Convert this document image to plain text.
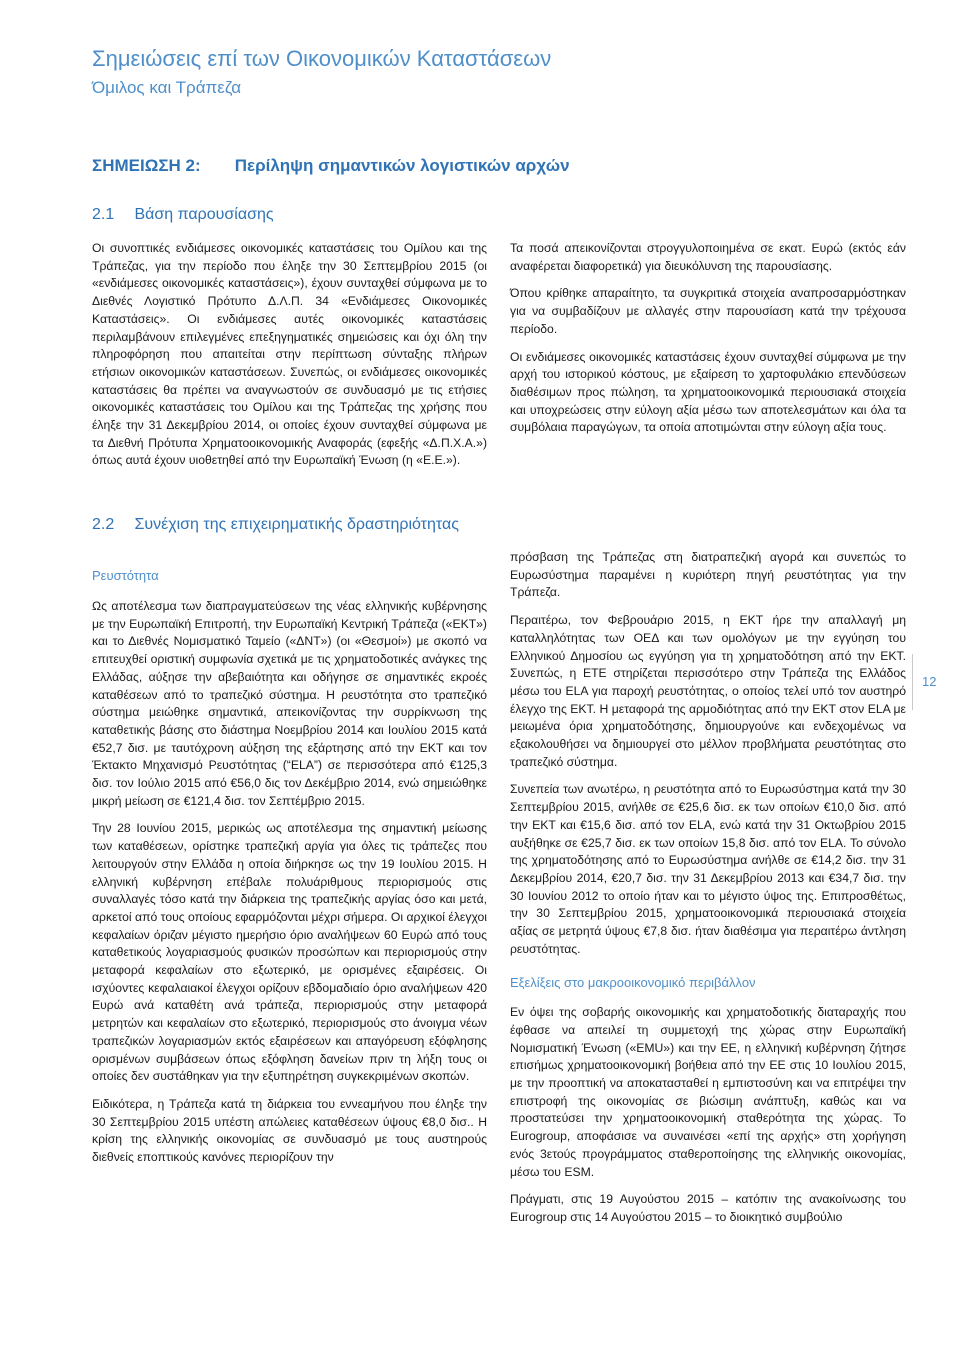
Σημειώσεις επί των Οικονομικών Καταστάσεων
Όμιλος και Τράπεζα
ΣΗΜΕΙΩΣΗ 2: Περίληψη σημαντικών λογιστικών αρχών
2.1 Βάση παρουσίασης

Οι συνοπτικές ενδιάμεσες οικονομικές καταστάσεις του Ομίλου και της Τράπεζας, για την περίοδο που έληξε την 30 Σεπτεμβρίου 2015 (οι «ενδιάμεσες οικονομικές καταστάσεις»), έχουν συνταχθεί σύμφωνα με το Διεθνές Λογιστικό Πρότυπο Δ.Λ.Π. 34 «Ενδιάμεσες Οικονομικές Καταστάσεις». Οι ενδιάμεσες αυτές οικονομικές καταστάσεις περιλαμβάνουν επιλεγμένες επεξηγηματικές σημειώσεις και όχι όλη την πληροφόρηση που απαιτείται στην περίπτωση σύνταξης πλήρων ετήσιων οικονομικών καταστάσεων. Συνεπώς, οι ενδιάμεσες οικονομικές καταστάσεις θα πρέπει να αναγνωστούν σε συνδυασμό με τις ετήσιες οικονομικές καταστάσεις του Ομίλου και της Τράπεζας της χρήσης που έληξε την 31 Δεκεμβρίου 2014, οι οποίες έχουν συνταχθεί σύμφωνα με τα Διεθνή Πρότυπα Χρηματοοικονομικής Αναφοράς (εφεξής «Δ.Π.Χ.Α.») όπως αυτά έχουν υιοθετηθεί από την Ευρωπαϊκή Ένωση (η «Ε.Ε.»).

Τα ποσά απεικονίζονται στρογγυλοποιημένα σε εκατ. Ευρώ (εκτός εάν αναφέρεται διαφορετικά) για διευκόλυνση της παρουσίασης.

Όπου κρίθηκε απαραίτητο, τα συγκριτικά στοιχεία αναπροσαρμόστηκαν για να συμβαδίζουν με αλλαγές στην παρουσίαση κατά την τρέχουσα περίοδο.

Οι ενδιάμεσες οικονομικές καταστάσεις έχουν συνταχθεί σύμφωνα με την αρχή του ιστορικού κόστους, με εξαίρεση το χαρτοφυλάκιο επενδύσεων διαθέσιμων προς πώληση, τα χρηματοοικονομικά περιουσιακά στοιχεία και υποχρεώσεις στην εύλογη αξία μέσω των αποτελεσμάτων και όλα τα συμβόλαια παραγώγων, τα οποία αποτιμώνται στην εύλογη αξία τους.

2.2 Συνέχιση της επιχειρηματικής δραστηριότητας
Ρευστότητα

Ως αποτέλεσμα των διαπραγματεύσεων της νέας ελληνικής κυβέρνησης με την Ευρωπαϊκή Επιτροπή, την Ευρωπαϊκή Κεντρική Τράπεζα («ΕΚΤ») και το Διεθνές Νομισματικό Ταμείο («ΔΝΤ») (οι «Θεσμοί») με σκοπό να επιτευχθεί οριστική συμφωνία σχετικά με τις χρηματοδοτικές ανάγκες της Ελλάδας, αύξησε την αβεβαιότητα και οδήγησε σε σημαντικές εκροές καταθέσεων από το τραπεζικό σύστημα. Η ρευστότητα στο τραπεζικό σύστημα μειώθηκε σημαντικά, απεικονίζοντας την συρρίκνωση της καταθετικής βάσης στο διάστημα Νοεμβρίου 2014 και Ιουλίου 2015 κατά €52,7 δισ. με ταυτόχρονη αύξηση της εξάρτησης από την ΕΚΤ και τον Έκτακτο Μηχανισμό Ρευστότητας (“ELA”) σε περισσότερα από €125,3 δισ. τον Ιούλιο 2015 από €56,0 δις τον Δεκέμβριο 2014, ενώ σημειώθηκε μικρή μείωση σε €121,4 δισ. τον Σεπτέμβριο 2015.

Την 28 Ιουνίου 2015, μερικώς ως αποτέλεσμα της σημαντική μείωσης των καταθέσεων, ορίστηκε τραπεζική αργία για όλες τις τράπεζες που λειτουργούν στην Ελλάδα η οποία διήρκησε ως την 19 Ιουλίου 2015. Η ελληνική κυβέρνηση επέβαλε πολυάριθμους περιορισμούς στις συναλλαγές τόσο κατά την διάρκεια της τραπεζικής αργίας όσο και μετά, αρκετοί από τους οποίους εφαρμόζονται μέχρι σήμερα. Οι αρχικοί έλεγχοι κεφαλαίων όριζαν μέγιστο ημερήσιο όριο αναλήψεων 60 Ευρώ από τους καταθετικούς λογαριασμούς φυσικών προσώπων και περιορισμούς στην μεταφορά κεφαλαίων στο εξωτερικό, με ορισμένες εξαιρέσεις. Οι ισχύοντες κεφαλαιακοί έλεγχοι ορίζουν εβδομαδιαίο όριο αναλήψεων 420 Ευρώ ανά καταθέτη ανά τράπεζα, περιορισμούς στην μεταφορά μετρητών και κεφαλαίων στο εξωτερικό, περιορισμούς στο άνοιγμα νέων τραπεζικών λογαριασμών εκτός εξαιρέσεων και απαγόρευση εξόφλησης ορισμένων συμβάσεων όπως εξόφληση δανείων πριν τη λήξη τους οι οποίες δεν συστάθηκαν για την εξυπηρέτηση συγκεκριμένων σκοπών.

Ειδικότερα, η Τράπεζα κατά τη διάρκεια του εννεαμήνου που έληξε την 30 Σεπτεμβρίου 2015 υπέστη απώλειες καταθέσεων ύψους €8,0 δισ.. Η κρίση της ελληνικής οικονομίας σε συνδυασμό με τους αυστηρούς διεθνείς εποπτικούς κανόνες περιορίζουν την

πρόσβαση της Τράπεζας στη διατραπεζική αγορά και συνεπώς το Ευρωσύστημα παραμένει η κυριότερη πηγή ρευστότητας για την Τράπεζα.

Περαιτέρω, τον Φεβρουάριο 2015, η ΕΚΤ ήρε την απαλλαγή μη καταλληλότητας των ΟΕΔ και των ομολόγων με την εγγύηση του Ελληνικού Δημοσίου ως εγγύηση για τη χρηματοδότηση από την ΕΚΤ. Συνεπώς, η ΕΤΕ στηρίζεται περισσότερο στην Τράπεζα της Ελλάδος μέσω του ELA για παροχή ρευστότητας, ο οποίος τελεί υπό τον αυστηρό έλεγχο της ΕΚΤ. Η μεταφορά της αρμοδιότητας από την ΕΚΤ στον ELA με μειωμένα όρια χρηματοδότησης, δημιουργούνε και ενδεχομένως να εξακολουθήσει να δημιουργεί στο μέλλον προβλήματα ρευστότητας στο τραπεζικό σύστημα.

Συνεπεία των ανωτέρω, η ρευστότητα από το Ευρωσύστημα κατά την 30 Σεπτεμβρίου 2015, ανήλθε σε €25,6 δισ. εκ των οποίων €10,0 δισ. από την ΕΚΤ και €15,6 δισ. από τον ELA, ενώ κατά την 31 Οκτωβρίου 2015 αυξήθηκε σε €25,7 δισ. εκ των οποίων 15,8 δισ. από τον ELA. Το σύνολο της χρηματοδότησης από το Ευρωσύστημα ανήλθε σε €14,2 δισ. την 31 Δεκεμβρίου 2014, €20,7 δισ. την 31 Δεκεμβρίου 2013 και €34,7 δισ. την 30 Ιουνίου 2012 το οποίο ήταν και το μέγιστο ύψος της. Επιπροσθέτως, την 30 Σεπτεμβρίου 2015, χρηματοοικονομικά περιουσιακά στοιχεία αξίας σε μετρητά ύψους €7,8 δισ. ήταν διαθέσιμα για περαιτέρω άντληση ρευστότητας.

Εξελίξεις στο μακροοικονομικό περιβάλλον

Εν όψει της σοβαρής οικονομικής και χρηματοδοτικής διαταραχής που έφθασε να απειλεί τη συμμετοχή της χώρας στην Ευρωπαϊκή Νομισματική Ένωση («EMU») και την ΕΕ, η ελληνική κυβέρνηση ζήτησε επισήμως χρηματοοικονομική βοήθεια από την ΕΕ στις 10 Ιουλίου 2015, με την προοπτική να αποκατασταθεί η εμπιστοσύνη και να επιτρέψει την επιστροφή της οικονομίας σε βιώσιμη ανάπτυξη, καθώς και να προστατεύσει την χρηματοοικονομική σταθερότητα της χώρας. Το Eurogroup, αποφάσισε να συναινέσει «επί της αρχής» στη χορήγηση ενός 3ετούς προγράμματος σταθεροποίησης της ελληνικής οικονομίας, μέσω του ESM.

Πράγματι, στις 19 Αυγούστου 2015 – κατόπιν της ανακοίνωσης του Eurogroup στις 14 Αυγούστου 2015 – το διοικητικό συμβούλιο

12
